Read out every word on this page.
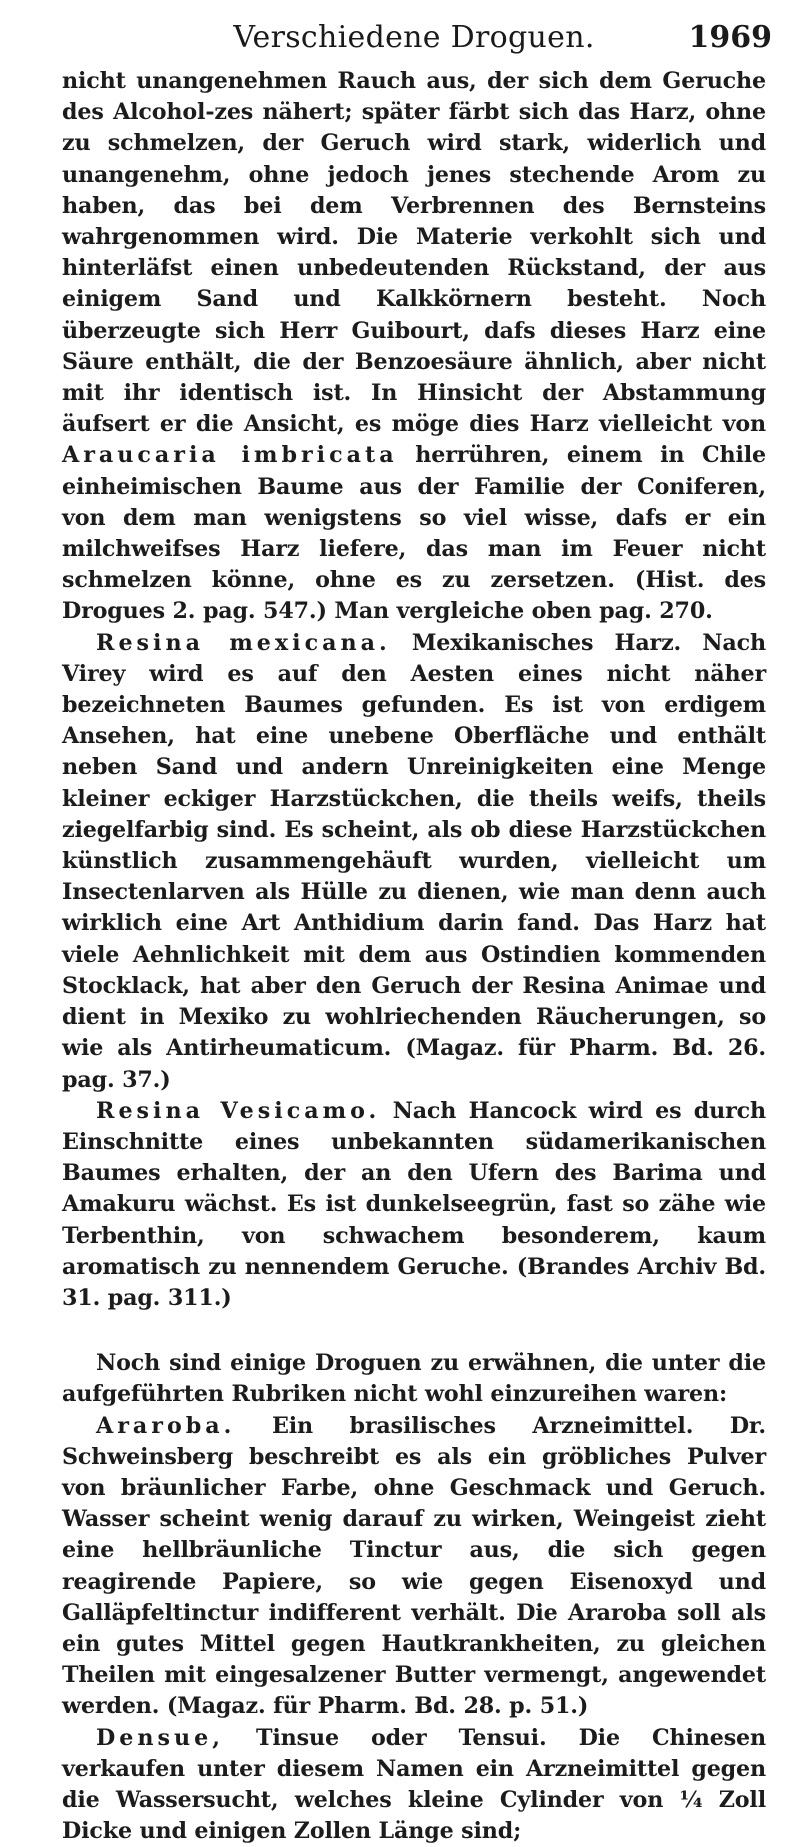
Verschiedene Droguen.	1969

nicht unangenehmen Rauch aus, der sich dem Geruche des Alcohol-zes nähert; später färbt sich das Harz, ohne zu schmelzen, der Geruch wird stark, widerlich und unangenehm, ohne jedoch jenes stechende Arom zu haben, das bei dem Verbrennen des Bernsteins wahrgenommen wird. Die Materie verkohlt sich und hinterläfst einen unbedeutenden Rückstand, der aus einigem Sand und Kalkkörnern besteht. Noch überzeugte sich Herr Guibourt, dafs dieses Harz eine Säure enthält, die der Benzoesäure ähnlich, aber nicht mit ihr identisch ist. In Hinsicht der Abstammung äufsert er die Ansicht, es möge dies Harz vielleicht von Araucaria imbricata herrühren, einem in Chile einheimischen Baume aus der Familie der Coniferen, von dem man wenigstens so viel wisse, dafs er ein milchweifses Harz liefere, das man im Feuer nicht schmelzen könne, ohne es zu zersetzen. (Hist. des Drogues 2. pag. 547.) Man vergleiche oben pag. 270.

Resina mexicana. Mexikanisches Harz. Nach Virey wird es auf den Aesten eines nicht näher bezeichneten Baumes gefunden. Es ist von erdigem Ansehen, hat eine unebene Oberfläche und enthält neben Sand und andern Unreinigkeiten eine Menge kleiner eckiger Harzstückchen, die theils weifs, theils ziegelfarbig sind. Es scheint, als ob diese Harzstückchen künstlich zusammengehäuft wurden, vielleicht um Insectenlarven als Hülle zu dienen, wie man denn auch wirklich eine Art Anthidium darin fand. Das Harz hat viele Aehnlichkeit mit dem aus Ostindien kommenden Stocklack, hat aber den Geruch der Resina Animae und dient in Mexiko zu wohlriechenden Räucherungen, so wie als Antirheumaticum. (Magaz. für Pharm. Bd. 26. pag. 37.)

Resina Vesicamo. Nach Hancock wird es durch Einschnitte eines unbekannten südamerikanischen Baumes erhalten, der an den Ufern des Barima und Amakuru wächst. Es ist dunkelseegrün, fast so zähe wie Terbenthin, von schwachem besonderem, kaum aromatisch zu nennendem Geruche. (Brandes Archiv Bd. 31. pag. 311.)

Noch sind einige Droguen zu erwähnen, die unter die aufgeführten Rubriken nicht wohl einzureihen waren:

Araroba. Ein brasilisches Arzneimittel. Dr. Schweinsberg beschreibt es als ein gröbliches Pulver von bräunlicher Farbe, ohne Geschmack und Geruch. Wasser scheint wenig darauf zu wirken, Weingeist zieht eine hellbräunliche Tinctur aus, die sich gegen reagirende Papiere, so wie gegen Eisenoxyd und Galläpfeltinctur indifferent verhält. Die Araroba soll als ein gutes Mittel gegen Hautkrankheiten, zu gleichen Theilen mit eingesalzener Butter vermengt, angewendet werden. (Magaz. für Pharm. Bd. 28. p. 51.)

Densue, Tinsue oder Tensui. Die Chinesen verkaufen unter diesem Namen ein Arzneimittel gegen die Wassersucht, welches kleine Cylinder von ¼ Zoll Dicke und einigen Zollen Länge sind;
